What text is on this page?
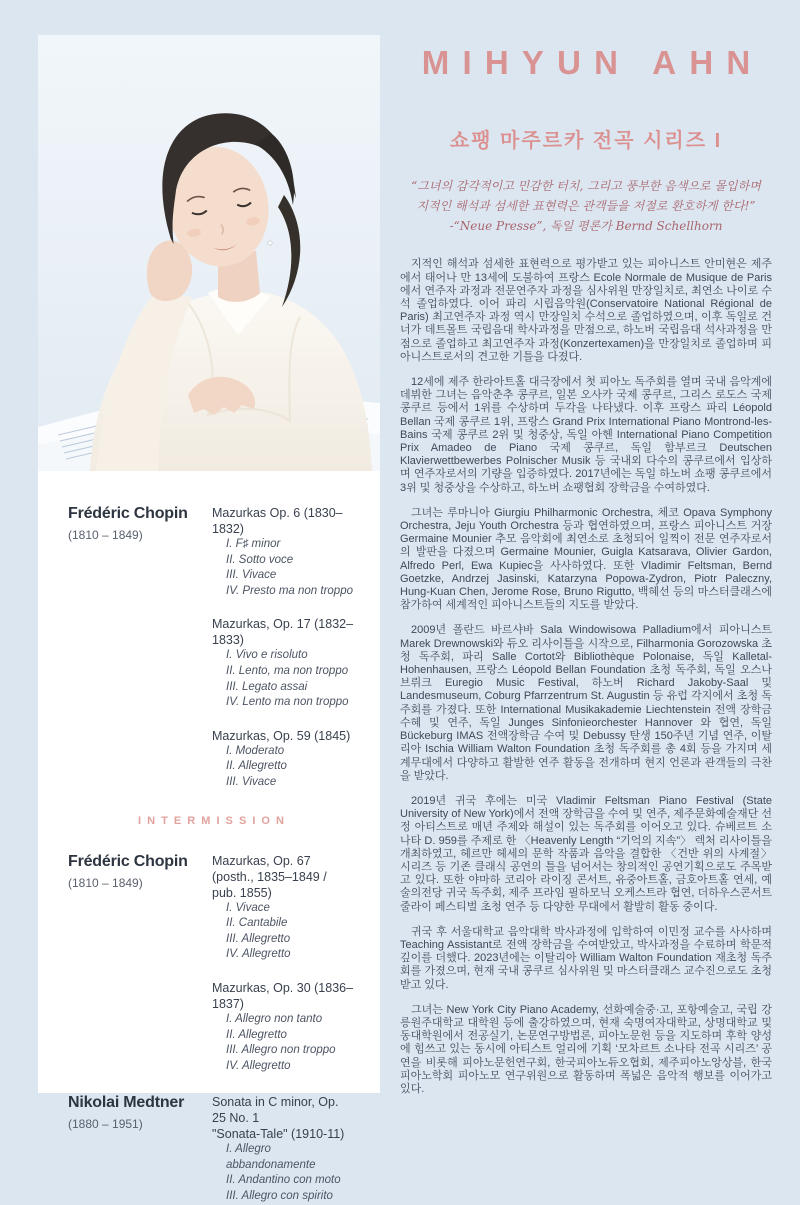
Frédéric Chopin
(1810 – 1849)
Mazurkas Op. 6 (1830–1832)
I. F♯ minor
II. Sotto voce
III. Vivace
IV. Presto ma non troppo
Mazurkas, Op. 17 (1832–1833)
I. Vivo e risoluto
II. Lento, ma non troppo
III. Legato assai
IV. Lento ma non troppo
Mazurkas, Op. 59 (1845)
I. Moderato
II. Allegretto
III. Vivace
INTERMISSION
Frédéric Chopin
(1810 – 1849)
Mazurkas, Op. 67
(posth., 1835–1849 / pub. 1855)
I. Vivace
II. Cantabile
III. Allegretto
IV. Allegretto
Mazurkas, Op. 30 (1836–1837)
I. Allegro non tanto
II. Allegretto
III. Allegro non troppo
IV. Allegretto
Nikolai Medtner
(1880 – 1951)
Sonata in C minor, Op. 25 No. 1
"Sonata-Tale" (1910-11)
I. Allegro abbandonamente
II. Andantino con moto
III. Allegro con spirito
MIHYUN AHN
쇼팽 마주르카 전곡 시리즈 I
“그녀의 감각적이고 민감한 터치, 그리고 풍부한 음색으로 몰입하며
지적인 해석과 섬세한 표현력은 관객들을 저절로 환호하게 한다!”
-“Neue Presse”, 독일 평론가 Bernd Schellhorn

지적인 해석과 섬세한 표현력으로 평가받고 있는 피아니스트 안미현은 제주에서 태어나 만 13세에 도불하여 프랑스 Ecole Normale de Musique de Paris에서 연주자 과정과 전문연주자 과정을 심사위원 만장일치로, 최연소 나이로 수석 졸업하였다. 이어 파리 시립음악원(Conservatoire National Régional de Paris) 최고연주자 과정 역시 만장일치 수석으로 졸업하였으며, 이후 독일로 건너가 데트몰트 국립음대 학사과정을 만점으로, 하노버 국립음대 석사과정을 만점으로 졸업하고 최고연주자 과정(Konzertexamen)을 만장일치로 졸업하며 피아니스트로서의 견고한 기틀을 다졌다.

12세에 제주 한라아트홀 대극장에서 첫 피아노 독주회를 열며 국내 음악계에 데뷔한 그녀는 음악춘추 콩쿠르, 일본 오사카 국제 콩쿠르, 그리스 로도스 국제 콩쿠르 등에서 1위를 수상하며 두각을 나타냈다. 이후 프랑스 파리 Léopold Bellan 국제 콩쿠르 1위, 프랑스 Grand Prix International Piano Montrond-les-Bains 국제 콩쿠르 2위 및 청중상, 독일 아헨 International Piano Competition Prix Amadeo de Piano 국제 콩쿠르, 독일 함부르크 Deutschen Klavierwettbewerbes Polnischer Musik 등 국내외 다수의 콩쿠르에서 입상하며 연주자로서의 기량을 입증하였다. 2017년에는 독일 하노버 쇼팽 콩쿠르에서 3위 및 청중상을 수상하고, 하노버 쇼팽협회 장학금을 수여하였다.

그녀는 루마니아 Giurgiu Philharmonic Orchestra, 체코 Opava Symphony Orchestra, Jeju Youth Orchestra 등과 협연하였으며, 프랑스 피아니스트 거장 Germaine Mounier 추모 음악회에 최연소로 초청되어 일찍이 전문 연주자로서의 발판을 다졌으며 Germaine Mounier, Guigla Katsarava, Olivier Gardon, Alfredo Perl, Ewa Kupiec을 사사하였다. 또한 Vladimir Feltsman, Bernd Goetzke, Andrzej Jasinski, Katarzyna Popowa-Zydron, Piotr Paleczny, Hung-Kuan Chen, Jerome Rose, Bruno Rigutto, 백혜선 등의 마스터클래스에 참가하여 세계적인 피아니스트들의 지도를 받았다.

2009년 폴란드 바르샤바 Sala Windowisowa Palladium에서 피아니스트 Marek Drewnowski와 듀오 리사이틀을 시작으로, Filharmonia Gorozowska 초청 독주회, 파리 Salle Cortot와 Bibliothèque Polonaise, 독일 Kalletal-Hohenhausen, 프랑스 Léopold Bellan Foundation 초청 독주회, 독일 오스나브뤼크 Euregio Music Festival, 하노버 Richard Jakoby-Saal 및 Landesmuseum, Coburg Pfarrzentrum St. Augustin 등 유럽 각지에서 초청 독주회를 가졌다. 또한 International Musikakademie Liechtenstein 전액 장학금 수혜 및 연주, 독일 Junges Sinfonieorchester Hannover 와 협연, 독일 Bückeburg IMAS 전액장학금 수여 및 Debussy 탄생 150주년 기념 연주, 이탈리아 Ischia William Walton Foundation 초청 독주회를 총 4회 등을 가지며 세계무대에서 다양하고 활발한 연주 활동을 전개하며 현지 언론과 관객들의 극찬을 받았다.

2019년 귀국 후에는 미국 Vladimir Feltsman Piano Festival (State University of New York)에서 전액 장학금을 수여 및 연주, 제주문화예술재단 선정 아티스트로 매년 주제와 해설이 있는 독주회를 이어오고 있다. 슈베르트 소나타 D. 959를 주제로 한 〈Heavenly Length “기억의 지속”〉 렉처 리사이틀을 개최하였고, 헤르만 헤세의 문학 작품과 음악을 결합한 〈건반 위의 사계절〉 시리즈 등 기존 클래식 공연의 틀을 넘어서는 창의적인 공연기획으로도 주목받고 있다. 또한 야마하 코리아 라이징 콘서트, 유중아트홀, 금호아트홀 연세, 예술의전당 귀국 독주회, 제주 프라임 필하모닉 오케스트라 협연, 더하우스콘서트 줄라이 페스티벌 초청 연주 등 다양한 무대에서 활발히 활동 중이다.

귀국 후 서울대학교 음악대학 박사과정에 입학하여 이민정 교수를 사사하며 Teaching Assistant로 전액 장학금을 수여받았고, 박사과정을 수료하며 학문적 깊이를 더했다. 2023년에는 이탈리아 William Walton Foundation 재초청 독주회를 가졌으며, 현재 국내 콩쿠르 심사위원 및 마스터클래스 교수진으로도 초청받고 있다.

그녀는 New York City Piano Academy, 선화예술중·고, 포항예술고, 국립 강릉원주대학교 대학원 등에 출강하였으며, 현재 숙명여자대학교, 상명대학교 및 동대학원에서 전공실기, 논문연구방법론, 피아노문헌 등을 지도하며 후학 양성에 힘쓰고 있는 동시에 아티스트 얼리에 기획 ‘모차르트 소나타 전곡 시리즈’ 공연을 비롯해 피아노문헌연구회, 한국피아노듀오협회, 제주피아노앙상블, 한국피아노학회 피아노모 연구위원으로 활동하며 폭넓은 음악적 행보를 이어가고 있다.
